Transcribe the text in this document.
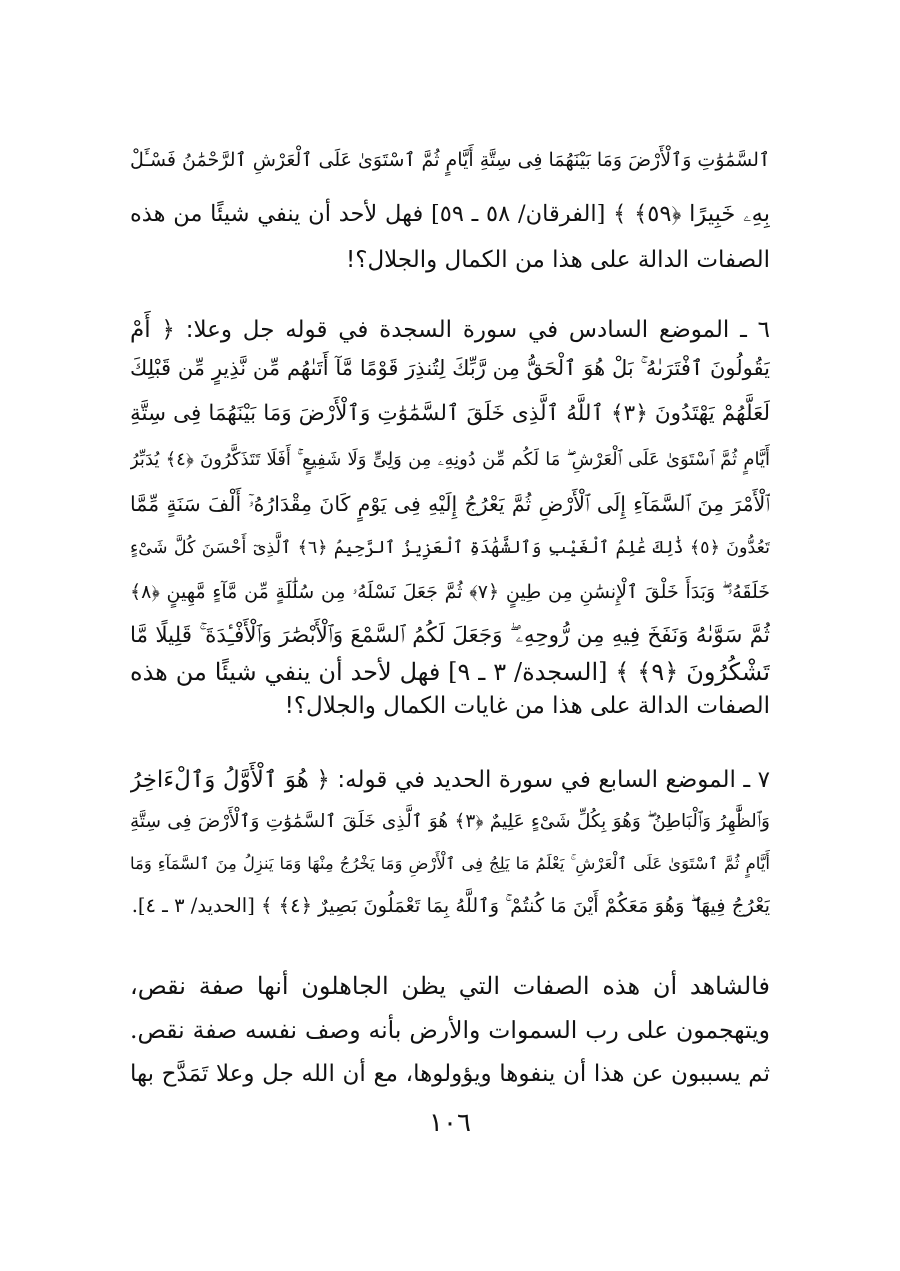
ٱلسَّمَٰوَٰتِ وَٱلْأَرْضَ وَمَا بَيْنَهُمَا فِى سِتَّةِ أَيَّامٍ ثُمَّ ٱسْتَوَىٰ عَلَى ٱلْعَرْشِ ٱلرَّحْمَٰنُ فَسْـَٔلْ
بِهِۦ خَبِيرًا ﴿٥٩﴾ ﴾ [الفرقان/ ٥٨ ـ ٥٩] فهل لأحد أن ينفي شيئًا من هذه
الصفات الدالة على هذا من الكمال والجلال؟!
٦ ـ الموضع السادس في سورة السجدة في قوله جل وعلا: ﴿ أَمْ
يَقُولُونَ ٱفْتَرَىٰهُ ۚ بَلْ هُوَ ٱلْحَقُّ مِن رَّبِّكَ لِتُنذِرَ قَوْمًا مَّآ أَتَىٰهُم مِّن نَّذِيرٍ مِّن قَبْلِكَ
لَعَلَّهُمْ يَهْتَدُونَ ﴿٣﴾ ٱللَّهُ ٱلَّذِى خَلَقَ ٱلسَّمَٰوَٰتِ وَٱلْأَرْضَ وَمَا بَيْنَهُمَا فِى سِتَّةِ
أَيَّامٍ ثُمَّ ٱسْتَوَىٰ عَلَى ٱلْعَرْشِ ۖ مَا لَكُم مِّن دُونِهِۦ مِن وَلِىٍّ وَلَا شَفِيعٍ ۚ أَفَلَا تَتَذَكَّرُونَ ﴿٤﴾ يُدَبِّرُ
ٱلْأَمْرَ مِنَ ٱلسَّمَآءِ إِلَى ٱلْأَرْضِ ثُمَّ يَعْرُجُ إِلَيْهِ فِى يَوْمٍ كَانَ مِقْدَارُهُۥٓ أَلْفَ سَنَةٍ مِّمَّا
تَعُدُّونَ ﴿٥﴾ ذَٰلِكَ عَٰلِمُ ٱلْغَيْبِ وَٱلشَّهَٰدَةِ ٱلْعَزِيزُ ٱلرَّحِيمُ ﴿٦﴾ ٱلَّذِىٓ أَحْسَنَ كُلَّ شَىْءٍ
خَلَقَهُۥ ۖ وَبَدَأَ خَلْقَ ٱلْإِنسَٰنِ مِن طِينٍ ﴿٧﴾ ثُمَّ جَعَلَ نَسْلَهُۥ مِن سُلَٰلَةٍ مِّن مَّآءٍ مَّهِينٍ ﴿٨﴾
ثُمَّ سَوَّىٰهُ وَنَفَخَ فِيهِ مِن رُّوحِهِۦ ۖ وَجَعَلَ لَكُمُ ٱلسَّمْعَ وَٱلْأَبْصَٰرَ وَٱلْأَفْـِٔدَةَ ۚ قَلِيلًا مَّا
تَشْكُرُونَ ﴿٩﴾ ﴾ [السجدة/ ٣ ـ ٩] فهل لأحد أن ينفي شيئًا من هذه
الصفات الدالة على هذا من غايات الكمال والجلال؟!
٧ ـ الموضع السابع في سورة الحديد في قوله: ﴿ هُوَ ٱلْأَوَّلُ وَٱلْءَاخِرُ
وَٱلظَّٰهِرُ وَٱلْبَاطِنُ ۖ وَهُوَ بِكُلِّ شَىْءٍ عَلِيمٌ ﴿٣﴾ هُوَ ٱلَّذِى خَلَقَ ٱلسَّمَٰوَٰتِ وَٱلْأَرْضَ فِى سِتَّةِ
أَيَّامٍ ثُمَّ ٱسْتَوَىٰ عَلَى ٱلْعَرْشِ ۚ يَعْلَمُ مَا يَلِجُ فِى ٱلْأَرْضِ وَمَا يَخْرُجُ مِنْهَا وَمَا يَنزِلُ مِنَ ٱلسَّمَآءِ وَمَا
يَعْرُجُ فِيهَا ۖ وَهُوَ مَعَكُمْ أَيْنَ مَا كُنتُمْ ۚ وَٱللَّهُ بِمَا تَعْمَلُونَ بَصِيرٌ ﴿٤﴾ ﴾ [الحديد/ ٣ ـ ٤].
فالشاهد أن هذه الصفات التي يظن الجاهلون أنها صفة نقص،
ويتهجمون على رب السموات والأرض بأنه وصف نفسه صفة نقص.
ثم يسببون عن هذا أن ينفوها ويؤولوها، مع أن الله جل وعلا تَمَدَّح بها
١٠٦
